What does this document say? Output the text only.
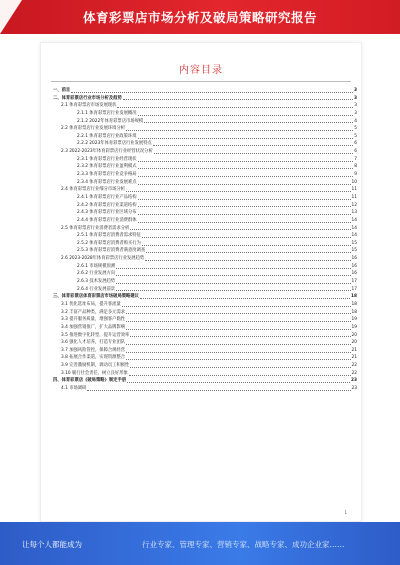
体育彩票店市场分析及破局策略研究报告
内容目录
一、前言	3
二、体育彩票店行业市场分析及趋势	3
2.1 体育彩票店市场发展现状	3
2.1.1 体育彩票店行业发展概况	3
2.1.2 2022年体育彩票店市场规模	4
2.2 体育彩票店行业发展环境分析	5
2.2.1 体育彩票店行业政策环境	5
2.2.2 2023年体育彩票店行业发展特点	6
2.3 2022-2023年体育彩票店行业经营状况分析	6
2.3.1 体育彩票店行业经营现状	7
2.3.2 体育彩票店行业盈利模式	8
2.3.3 体育彩票店行业竞争格局	9
2.3.4 体育彩票店行业发展难点	10
2.4 体育彩票店行业细分市场分析	11
2.4.1 体育彩票店行业产品结构	11
2.4.2 体育彩票店行业渠道结构	12
2.4.3 体育彩票店行业区域分布	13
2.4.4 体育彩票店行业消费群体	14
2.5 体育彩票店行业消费者需求分析	14
2.5.1 体育彩票店消费者需求特征	14
2.5.2 体育彩票店消费者购买行为	15
2.5.3 体育彩票店消费者满意度调查	15
2.6 2023-2028年体育彩票店行业发展趋势	16
2.6.1 市场规模预测	16
2.6.2 行业发展方向	16
2.6.3 技术发展趋势	17
2.6.4 行业发展前景	17
三、体育彩票店体育彩票店市场破局策略建议	18
3.1 优化选址布局，提升客流量	18
3.2 丰富产品种类，满足多元需求	18
3.3 提升服务质量，增强客户黏性	19
3.4 加强营销推广，扩大品牌影响	19
3.5 推进数字化转型，提升运营效率	20
3.6 强化人才培养，打造专业团队	20
3.7 加强风险管控，保障合规经营	21
3.8 拓展合作渠道，实现资源整合	21
3.9 完善激励机制，调动员工积极性	22
3.10 履行社会责任，树立良好形象	22
四、体育彩票店《破局策略》制定手册	23
4.1 市场调研	23
1
让每个人都能成为	行业专家、管理专家、营销专家、战略专家、成功企业家……
